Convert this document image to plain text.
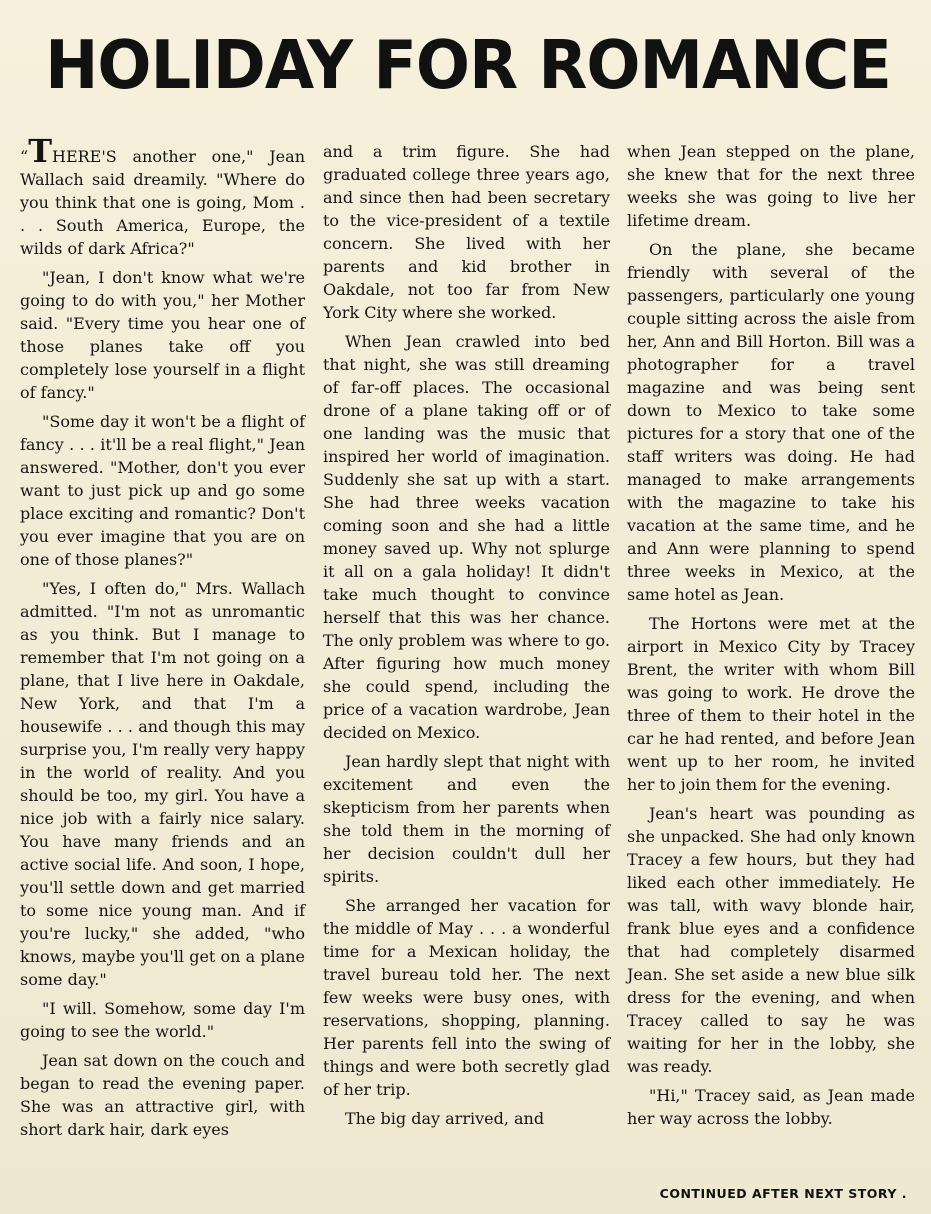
HOLIDAY FOR ROMANCE

“THERE'S another one," Jean Wallach said dreamily. "Where do you think that one is going, Mom . . . South America, Europe, the wilds of dark Africa?"

"Jean, I don't know what we're going to do with you," her Mother said. "Every time you hear one of those planes take off you completely lose yourself in a flight of fancy."

"Some day it won't be a flight of fancy . . . it'll be a real flight," Jean answered. "Mother, don't you ever want to just pick up and go some place exciting and romantic? Don't you ever imagine that you are on one of those planes?"

"Yes, I often do," Mrs. Wallach admitted. "I'm not as unromantic as you think. But I manage to remember that I'm not going on a plane, that I live here in Oakdale, New York, and that I'm a housewife . . . and though this may surprise you, I'm really very happy in the world of reality. And you should be too, my girl. You have a nice job with a fairly nice salary. You have many friends and an active social life. And soon, I hope, you'll settle down and get married to some nice young man. And if you're lucky," she added, "who knows, maybe you'll get on a plane some day."

"I will. Somehow, some day I'm going to see the world."

Jean sat down on the couch and began to read the evening paper. She was an attractive girl, with short dark hair, dark eyes

and a trim figure. She had graduated college three years ago, and since then had been secretary to the vice-president of a textile concern. She lived with her parents and kid brother in Oakdale, not too far from New York City where she worked.

When Jean crawled into bed that night, she was still dreaming of far-off places. The occasional drone of a plane taking off or of one landing was the music that inspired her world of imagination. Suddenly she sat up with a start. She had three weeks vacation coming soon and she had a little money saved up. Why not splurge it all on a gala holiday! It didn't take much thought to convince herself that this was her chance. The only problem was where to go. After figuring how much money she could spend, including the price of a vacation wardrobe, Jean decided on Mexico.

Jean hardly slept that night with excitement and even the skepticism from her parents when she told them in the morning of her decision couldn't dull her spirits.

She arranged her vacation for the middle of May . . . a wonderful time for a Mexican holiday, the travel bureau told her. The next few weeks were busy ones, with reservations, shopping, planning. Her parents fell into the swing of things and were both secretly glad of her trip.

The big day arrived, and

when Jean stepped on the plane, she knew that for the next three weeks she was going to live her lifetime dream.

On the plane, she became friendly with several of the passengers, particularly one young couple sitting across the aisle from her, Ann and Bill Horton. Bill was a photographer for a travel magazine and was being sent down to Mexico to take some pictures for a story that one of the staff writers was doing. He had managed to make arrangements with the magazine to take his vacation at the same time, and he and Ann were planning to spend three weeks in Mexico, at the same hotel as Jean.

The Hortons were met at the airport in Mexico City by Tracey Brent, the writer with whom Bill was going to work. He drove the three of them to their hotel in the car he had rented, and before Jean went up to her room, he invited her to join them for the evening.

Jean's heart was pounding as she unpacked. She had only known Tracey a few hours, but they had liked each other immediately. He was tall, with wavy blonde hair, frank blue eyes and a confidence that had completely disarmed Jean. She set aside a new blue silk dress for the evening, and when Tracey called to say he was waiting for her in the lobby, she was ready.

"Hi," Tracey said, as Jean made her way across the lobby.

CONTINUED AFTER NEXT STORY .
